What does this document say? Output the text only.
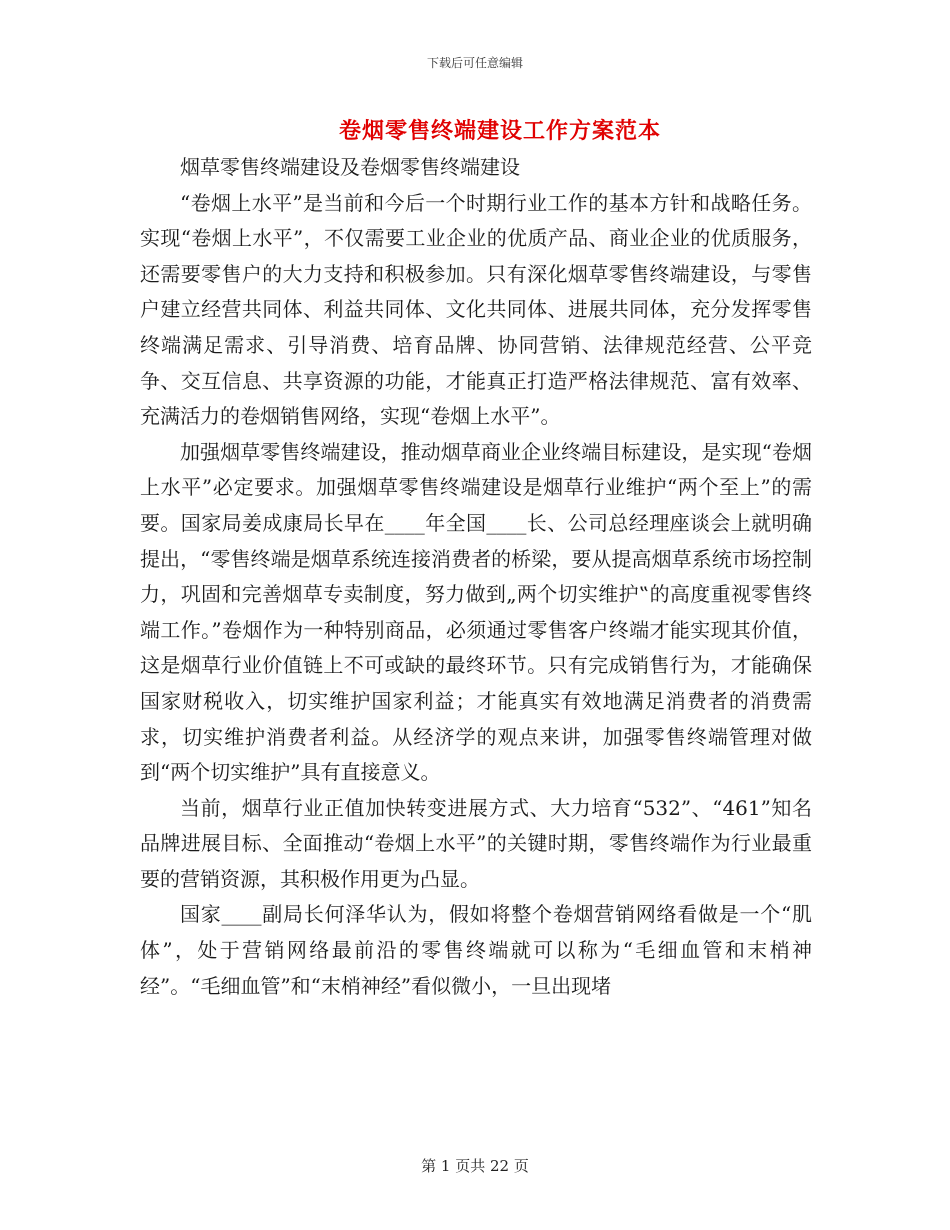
下载后可任意编辑
卷烟零售终端建设工作方案范本

烟草零售终端建设及卷烟零售终端建设

“卷烟上水平”是当前和今后一个时期行业工作的基本方针和战略任务。实现“卷烟上水平”，不仅需要工业企业的优质产品、商业企业的优质服务，还需要零售户的大力支持和积极参加。只有深化烟草零售终端建设，与零售户建立经营共同体、利益共同体、文化共同体、进展共同体，充分发挥零售终端满足需求、引导消费、培育品牌、协同营销、法律规范经营、公平竞争、交互信息、共享资源的功能，才能真正打造严格法律规范、富有效率、充满活力的卷烟销售网络，实现“卷烟上水平”。

加强烟草零售终端建设，推动烟草商业企业终端目标建设，是实现“卷烟上水平”必定要求。加强烟草零售终端建设是烟草行业维护“两个至上”的需要。国家局姜成康局长早在____年全国____长、公司总经理座谈会上就明确提出，“零售终端是烟草系统连接消费者的桥梁，要从提高烟草系统市场控制力，巩固和完善烟草专卖制度，努力做到„两个切实维护‟的高度重视零售终端工作。”卷烟作为一种特别商品，必须通过零售客户终端才能实现其价值，这是烟草行业价值链上不可或缺的最终环节。只有完成销售行为，才能确保国家财税收入，切实维护国家利益；才能真实有效地满足消费者的消费需求，切实维护消费者利益。从经济学的观点来讲，加强零售终端管理对做到“两个切实维护”具有直接意义。

当前，烟草行业正值加快转变进展方式、大力培育“532”、“461”知名品牌进展目标、全面推动“卷烟上水平”的关键时期，零售终端作为行业最重要的营销资源，其积极作用更为凸显。

国家____副局长何泽华认为，假如将整个卷烟营销网络看做是一个“肌体”，处于营销网络最前沿的零售终端就可以称为“毛细血管和末梢神经”。“毛细血管”和“末梢神经”看似微小，一旦出现堵

第 1 页共 22 页
